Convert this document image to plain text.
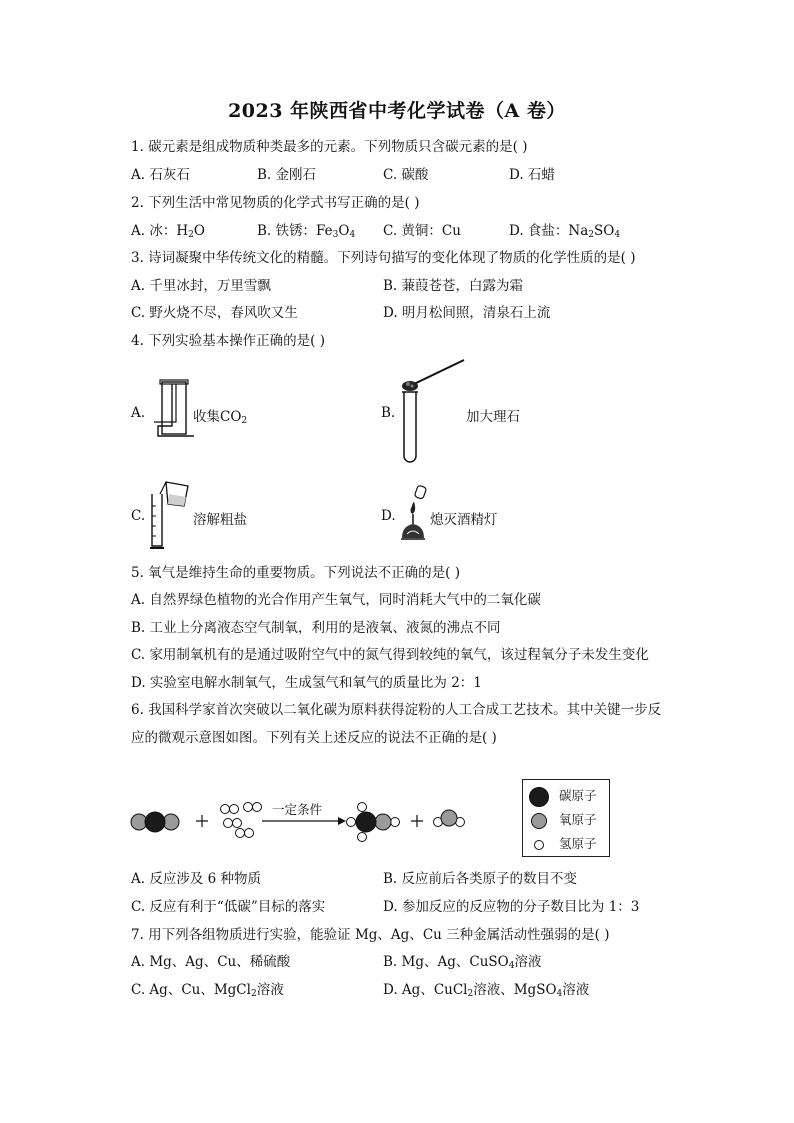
2023 年陕西省中考化学试卷（A 卷）
1. 碳元素是组成物质种类最多的元素。下列物质只含碳元素的是( )
A. 石灰石	B. 金刚石	C. 碳酸	D. 石蜡
2. 下列生活中常见物质的化学式书写正确的是( )
A. 冰：$H_2O$	B. 铁锈：$Fe_3O_4$ C. 黄铜：Cu	D. 食盐：$Na_2SO_4$
3. 诗词凝聚中华传统文化的精髓。下列诗句描写的变化体现了物质的化学性质的是( )
A. 千里冰封，万里雪飘	B. 蒹葭苍苍，白露为霜
C. 野火烧不尽，春风吹又生	D. 明月松间照，清泉石上流
4. 下列实验基本操作正确的是( )
A.	收集$CO_2$	B.	加大理石
C.	溶解粗盐	D.	熄灭酒精灯
5. 氧气是维持生命的重要物质。下列说法不正确的是( )
A. 自然界绿色植物的光合作用产生氧气，同时消耗大气中的二氧化碳
B. 工业上分离液态空气制氧，利用的是液氧、液氮的沸点不同
C. 家用制氧机有的是通过吸附空气中的氮气得到较纯的氧气，该过程氧分子未发生变化
D. 实验室电解水制氧气，生成氢气和氧气的质量比为 2：1
6. 我国科学家首次突破以二氧化碳为原料获得淀粉的人工合成工艺技术。其中关键一步反
应的微观示意图如图。下列有关上述反应的说法不正确的是( )
一定条件
碳原子
氧原子
氢原子
A. 反应涉及 6 种物质	B. 反应前后各类原子的数目不变
C. 反应有利于“低碳”目标的落实	D. 参加反应的反应物的分子数目比为 1：3
7. 用下列各组物质进行实验，能验证 Mg、Ag、Cu 三种金属活动性强弱的是( )
A. Mg、Ag、Cu、稀硫酸	B. Mg、Ag、CuSO$_4$溶液
C. Ag、Cu、MgCl$_2$溶液	D. Ag、CuCl$_2$溶液、MgSO$_4$溶液
